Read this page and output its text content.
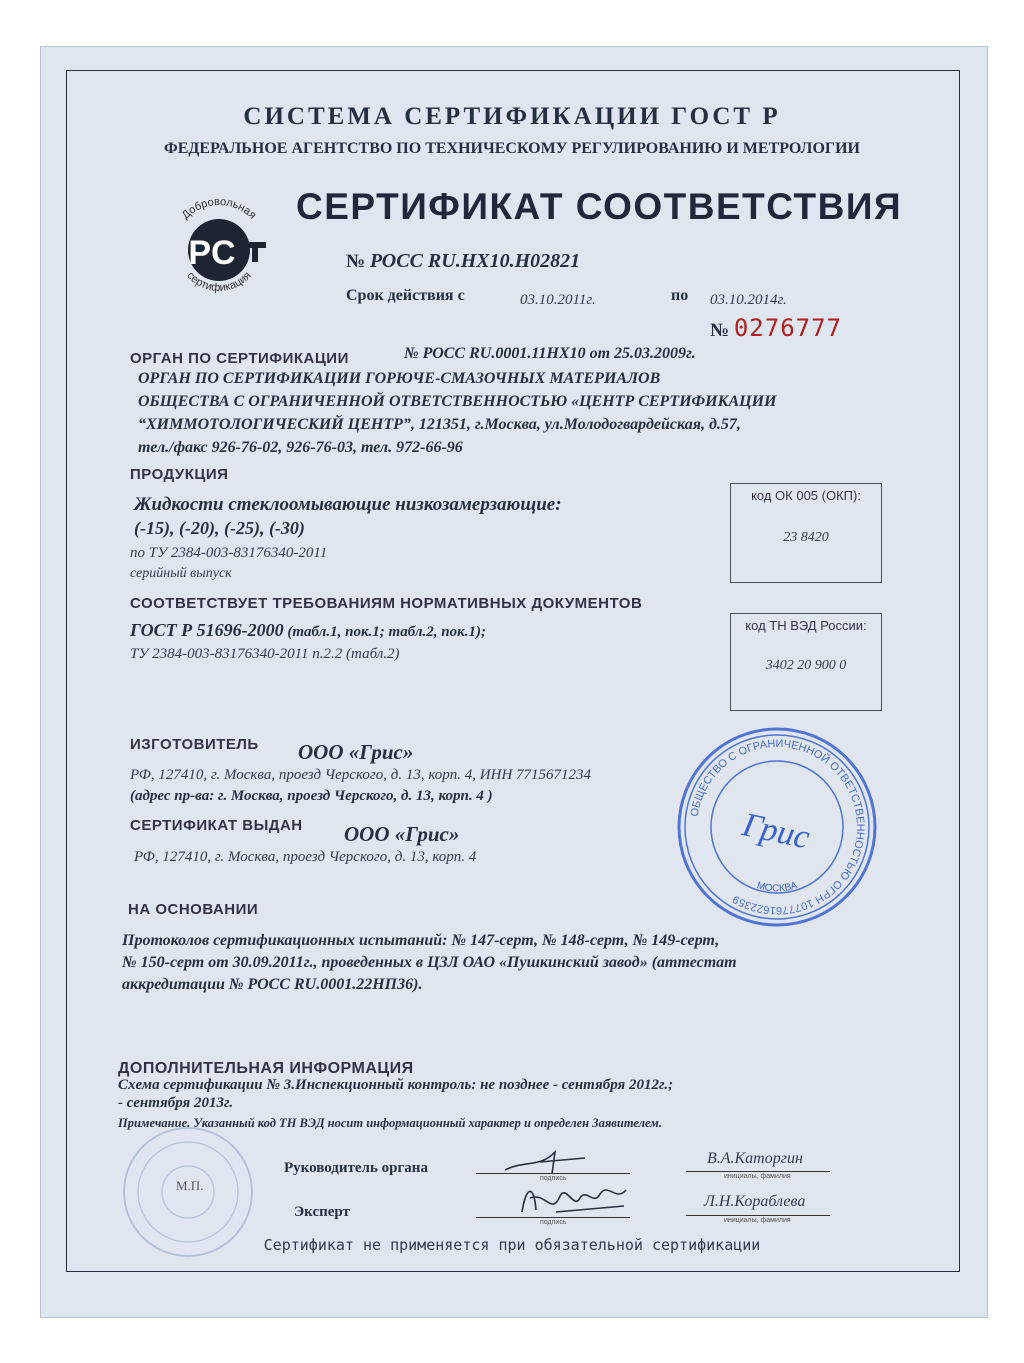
СИСТЕМА СЕРТИФИКАЦИИ ГОСТ Р
ФЕДЕРАЛЬНОЕ АГЕНТСТВО ПО ТЕХНИЧЕСКОМУ РЕГУЛИРОВАНИЮ И МЕТРОЛОГИИ
СЕРТИФИКАТ СООТВЕТСТВИЯ
Добровольная
сертификация
PC	№ РОСС RU.НХ10.Н02821
Срок действия с	03.10.2011г.	по 03.10.2014г.
№ 0276777
ОРГАН ПО СЕРТИФИКАЦИИ	№ РОСС RU.0001.11НХ10 от 25.03.2009г.
ОРГАН ПО СЕРТИФИКАЦИИ ГОРЮЧЕ-СМАЗОЧНЫХ МАТЕРИАЛОВ
ОБЩЕСТВА С ОГРАНИЧЕННОЙ ОТВЕТСТВЕННОСТЬЮ «ЦЕНТР СЕРТИФИКАЦИИ
“ХИММОТОЛОГИЧЕСКИЙ ЦЕНТР”, 121351, г.Москва, ул.Молодогвардейская, д.57,
тел./факс 926-76-02, 926-76-03, тел. 972-66-96
ПРОДУКЦИЯ
Жидкости стеклоомывающие низкозамерзающие:
(-15), (-20), (-25), (-30)
по ТУ 2384-003-83176340-2011
серийный выпуск
код ОК 005 (ОКП):
23 8420
СООТВЕТСТВУЕТ ТРЕБОВАНИЯМ НОРМАТИВНЫХ ДОКУМЕНТОВ
ГОСТ Р 51696-2000 (табл.1, пок.1; табл.2, пок.1);
ТУ 2384-003-83176340-2011 п.2.2 (табл.2)
код ТН ВЭД России:
3402 20 900 0
ИЗГОТОВИТЕЛЬ ООО «Грис»
РФ, 127410, г. Москва, проезд Черского, д. 13, корп. 4, ИНН 7715671234
(адрес пр-ва: г. Москва, проезд Черского, д. 13, корп. 4 )
СЕРТИФИКАТ ВЫДАН ООО «Грис»
РФ, 127410, г. Москва, проезд Черского, д. 13, корп. 4
НА ОСНОВАНИИ
Протоколов сертификационных испытаний: № 147-серт, № 148-серт, № 149-серт,
№ 150-серт от 30.09.2011г., проведенных в ЦЗЛ ОАО «Пушкинский завод» (аттестат
аккредитации № РОСС RU.0001.22НП36).
ДОПОЛНИТЕЛЬНАЯ ИНФОРМАЦИЯ
Схема сертификации № 3.Инспекционный контроль: не позднее - сентября 2012г.;
- сентября 2013г.
Примечание. Указанный код ТН ВЭД носит информационный характер и определен Заявителем.
Руководитель органа
Эксперт
М.П.	подпись
подпись
В.А.Каторгин
инициалы, фамилия
Л.Н.Кораблева
инициалы, фамилия
ОБЩЕСТВО С ОГРАНИЧЕННОЙ ОТВЕТСТВЕННОСТЬЮ ОГРН 1077761622359
МОСКВА
Грис
Сертификат не применяется при обязательной сертификации
